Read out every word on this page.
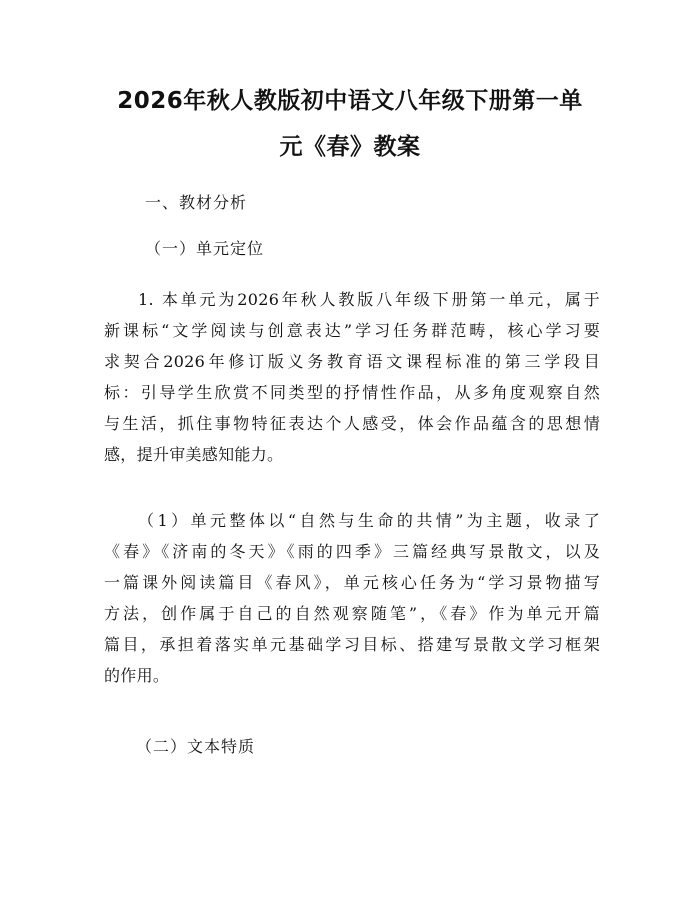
2026年秋人教版初中语文八年级下册第一单
元《春》教案
一、教材分析
（一）单元定位
1. 本单元为2026年秋人教版八年级下册第一单元，属于
新课标“文学阅读与创意表达”学习任务群范畴，核心学习要
求契合2026年修订版义务教育语文课程标准的第三学段目
标：引导学生欣赏不同类型的抒情性作品，从多角度观察自然
与生活，抓住事物特征表达个人感受，体会作品蕴含的思想情
感，提升审美感知能力。
（1）单元整体以“自然与生命的共情”为主题，收录了
《春》《济南的冬天》《雨的四季》三篇经典写景散文，以及
一篇课外阅读篇目《春风》，单元核心任务为“学习景物描写
方法，创作属于自己的自然观察随笔”，《春》作为单元开篇
篇目，承担着落实单元基础学习目标、搭建写景散文学习框架
的作用。
（二）文本特质
